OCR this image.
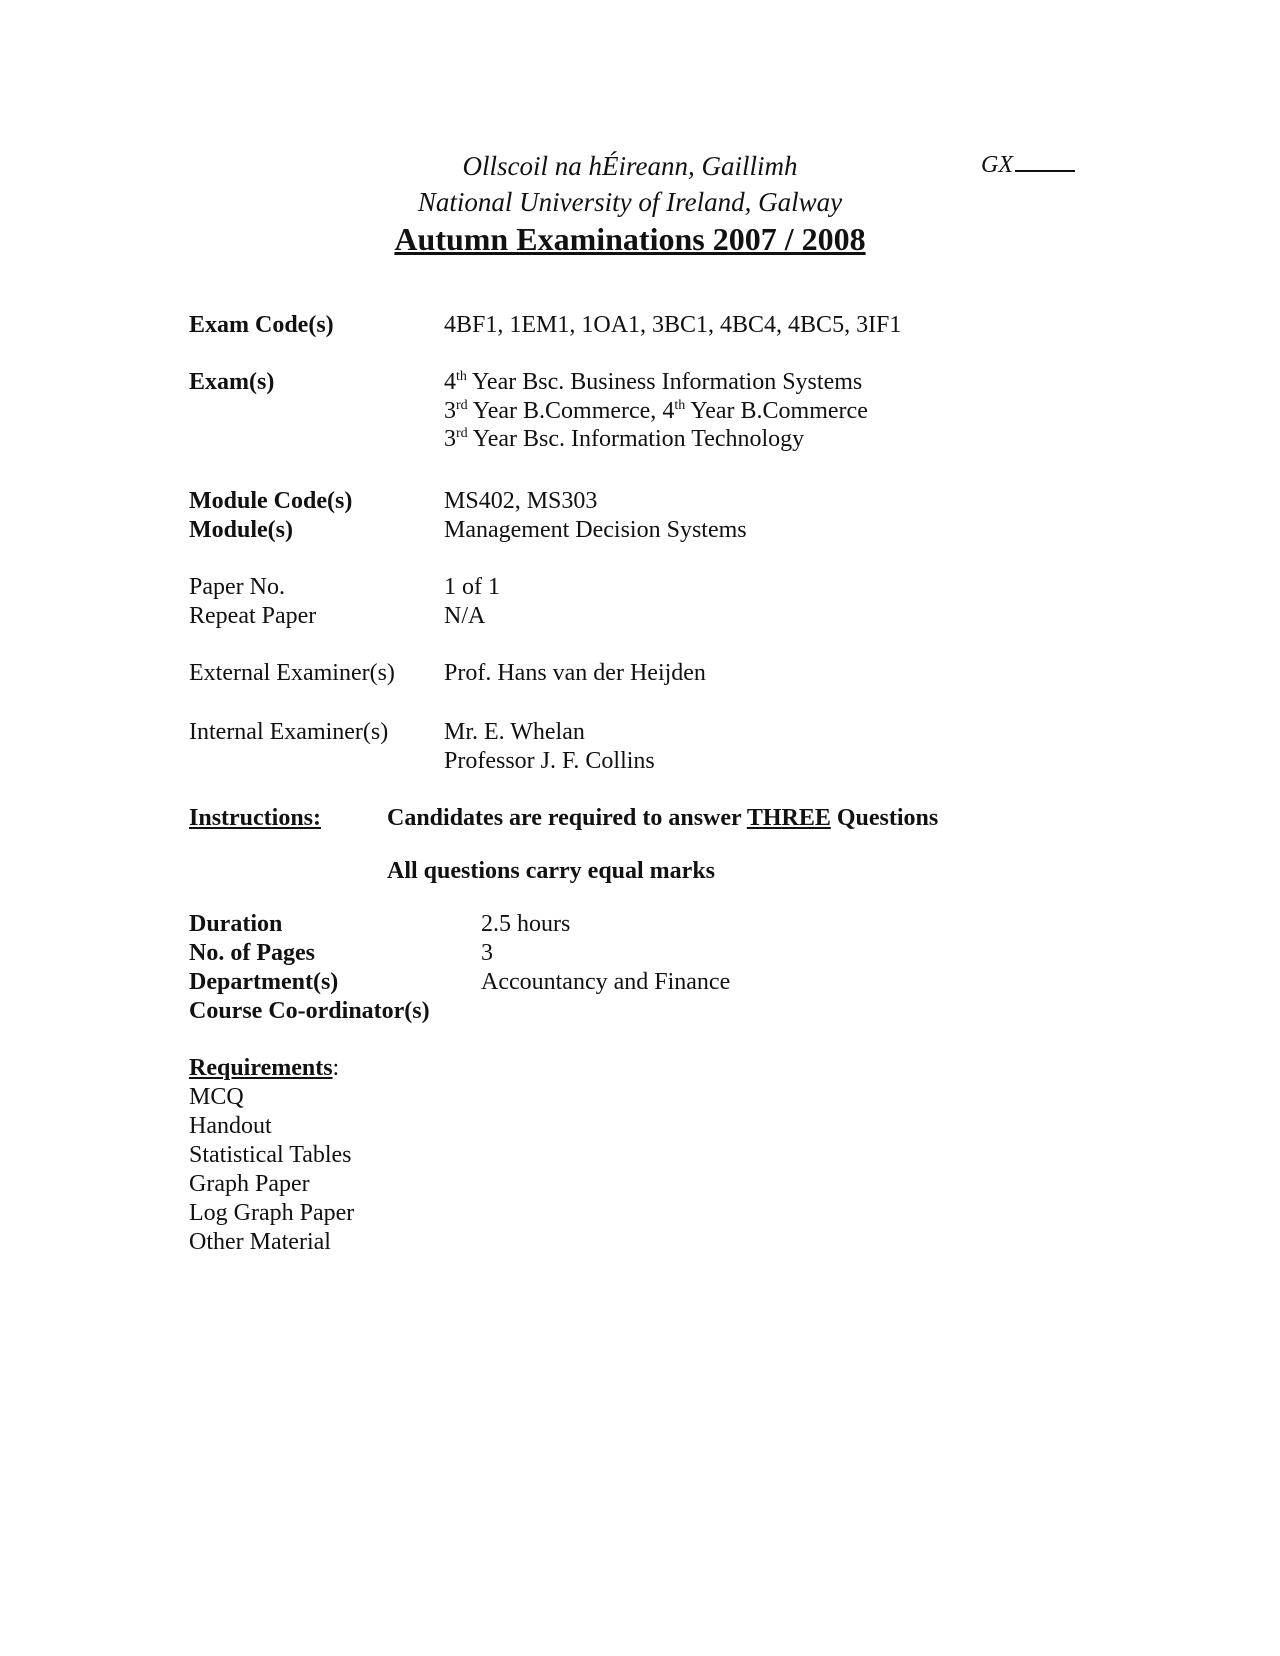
Ollscoil na hÉireann, Gaillimh
National University of Ireland, Galway
Autumn Examinations 2007 / 2008
GX
Exam Code(s)	4BF1, 1EM1, 1OA1, 3BC1, 4BC4, 4BC5, 3IF1
Exam(s)	4th Year Bsc. Business Information Systems
3rd Year B.Commerce, 4th Year B.Commerce
3rd Year Bsc. Information Technology
Module Code(s)	MS402, MS303
Module(s)	Management Decision Systems
Paper No.	1 of 1
Repeat Paper	N/A
External Examiner(s) Prof. Hans van der Heijden
Internal Examiner(s) Mr. E. Whelan
Professor J. F. Collins
Instructions:	Candidates are required to answer THREE Questions
All questions carry equal marks
Duration	2.5 hours
No. of Pages	3
Department(s)	Accountancy and Finance
Course Co-ordinator(s)
Requirements:
MCQ
Handout
Statistical Tables
Graph Paper
Log Graph Paper
Other Material
